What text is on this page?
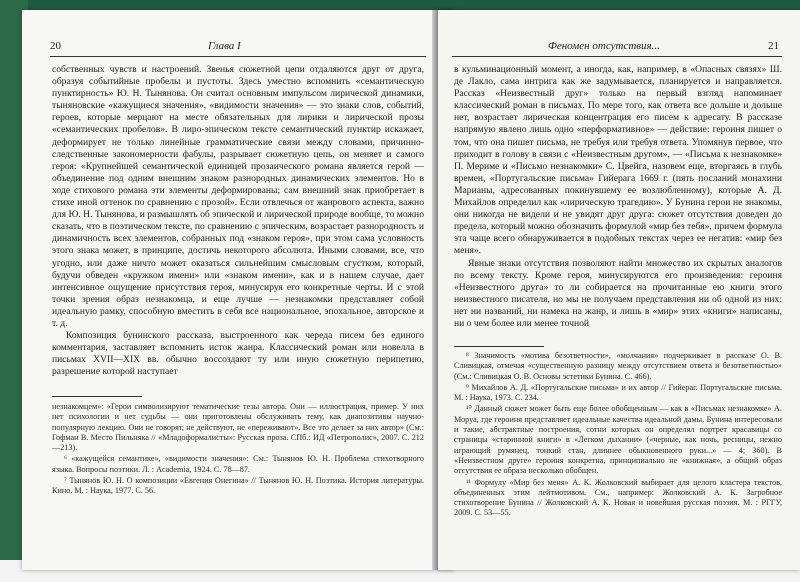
20	Глава I

собственных чувств и настроений. Звенья сюжетной цепи отдаляются друг от друга, образуя событийные пробелы и пустоты. Здесь уместно вспомнить «семантическую пунктирность» Ю. Н. Тынянова. Он считал основным импульсом лирической динамики, тыняновские «кажущиеся значения», «видимости значения» — это знаки слов, событий, героев, которые мерцают на месте обязательных для лирики и лирической прозы «семантических пробелов». В лиро-эпическом тексте семантический пунктир искажает, деформирует не только линейные грамматические связи между словами, причинно-следственные закономерности фабулы, разрывает сюжетную цепь, он меняет и самого героя: «Крупнейшей семантической единицей прозаического романа является герой — объединение под одним внешним знаком разнородных динамических элементов. Но в ходе стихового романа эти элементы деформированы; сам внешний знак приобретает в стихе иной оттенок по сравнению с прозой». Если отвлечься от жанрового аспекта, важно для Ю. Н. Тынянова, и размышлять об эпической и лирической природе вообще, то можно сказать, что в поэтическом тексте, по сравнению с эпическим, возрастает разнородность и динамичность всех элементов, собранных под «знаком героя», при этом сама условность этого знака может, в принципе, достичь некоторого абсолюта. Иными словами, все, что угодно, или даже ничто может оказаться сильнейшим смысловым сгустком, который, будучи обведен «кружком имени» или «знаком имени», как и в нашем случае, дает интенсивное ощущение присутствия героя, минусируя его конкретные черты. И с этой точки зрения образ незнакомца, и еще лучше — незнакомки представляет собой идеальную рамку, способную вместить в себя все национальное, эпохальное, авторское и т. д.

Композиция бунинского рассказа, выстроенного как череда писем без единого комментария, заставляет вспомнить исток жанра. Классический роман или новелла в письмах XVII—XIX вв. обычно воссоздают ту или иную сюжетную перипетию, разрешение которой наступает

незнакомцем»: «Герои символизируют тематические тезы автора. Они — иллюстрация, пример. У них нет психологии и нет судьбы — они приготовлены обслуживать тему, как диапозитивы научно-популярную лекцию. Они не говорят, не действуют, не «переживают». Все это делает за них автор» (См.: Гофман В. Место Пильняка // «Младоформалисты»: Русская проза. СПб.: ИД «Петрополис», 2007. С. 212—213).

⁶ «кажущейся семантике», «видимости значения»: См.: Тынянов Ю. Н. Проблема стихотворного языка. Вопросы поэтики. Л. : Academia, 1924. С. 78—87.

⁷ Тынянов Ю. Н. О композиции «Евгения Онегина» // Тынянов Ю. Н. Поэтика. История литературы. Кино. М. : Наука, 1977. С. 56.

Феномен отсутствия...	21

в кульминационный момент, а иногда, как, например, в «Опасных связях» Ш. де Лакло, сама интрига как же задумывается, планируется и направляется. Рассказ «Неизвестный друг» только на первый взгляд напоминает классический роман в письмах. По мере того, как ответа все дольше и дольше нет, возрастает лирическая концентрация его писем к адресату. В рассказе напрямую явлено лишь одно «перформативное» — действие: героиня пишет о том, что она пишет письма, не требуя или требуя ответа. Упомянув первое, что приходит в голову в связи с «Неизвестным другом», — «Письма к незнакомке» П. Мериме и «Письмо незнакомки» С. Цвейга, назовем еще, вторгаясь в глубь времен, «Португальские письма» Гийерага 1669 г. (пять посланий монахини Марианы, адресованных покинувшему ее возлюбленному), которые А. Д. Михайлов определил как «лирическую трагедию». У Бунина герои не знакомы, они никогда не видели и не увидят друг друга: сюжет отсутствия доведен до предела, который можно обозначить формулой «мир без тебя», причем формула эта чаще всего обнаруживается в подобных текстах через ее негатив: «мир без меня».

Явные знаки отсутствия позволяют найти множество их скрытых аналогов по всему тексту. Кроме героя, минусируются его произведения: героиня «Неизвестного друга» то ли собирается на прочитанные ею книги этого неизвестного писателя, но мы не получаем представления ни об одной из них: нет ни названий, ни намека на жанр, и лишь в «мир» этих «книги» написаны, ни о чем более или менее точной

⁸ Значимость «мотива безответности», «молчания» подчеркивает в рассказе О. В. Сливицкая, отмечая «существенную разницу между отсутствием ответа и безответностью» (См.: Сливицкая О. В. Основы эстетики Бунина. С. 466).

⁹ Михайлов А. Д. «Португальские письма» и их автор // Гийераг. Португальские письма. М. : Наука, 1973. С. 234.

¹⁰ Данный сюжет может быть еще более обобщенным — как в «Письмах незнакомке» А. Моруа, где героиня представляет идеальные качества идеальной дамы. Бунина интересовали и такие, абстрактные построения, сотни которых он определял портрет красавицы со страницы «старинной книги» в «Легком дыхании» («черные, как ночь, ресницы, нежно играющий румянец, тонкий стан, длиннее обыкновенного руки...» — 4; 360). В «Неизвестном друге» героиня конкретна, принципиально не «книжная», а общий образ отсутствия ее образа несколько обобщен.

¹¹ Формулу «Мир без меня» А. К. Жолковский выбирает для целого кластера текстов, объединенных этим лейтмотивом. См., например: Жолковский А. К. Загробное стихотворение Бунина // Жолковский А. К. Новая и новейшая русская поэзия. М. : РГГУ, 2009. С. 53—55.
